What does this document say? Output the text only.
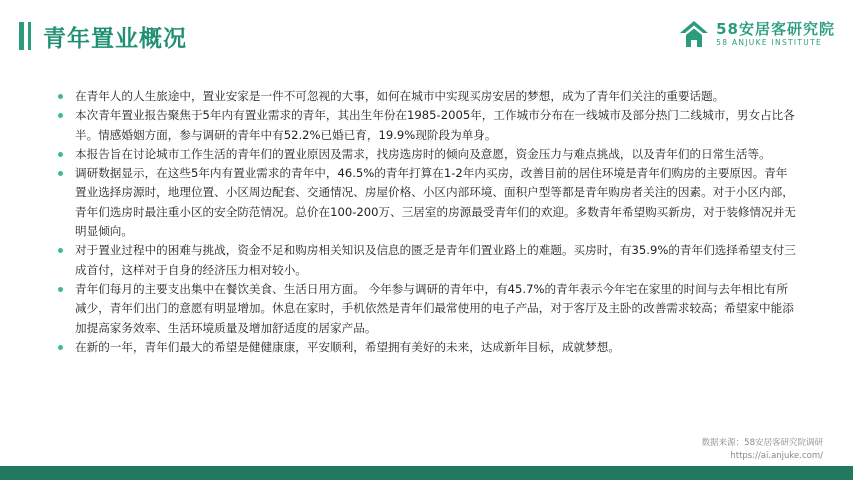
青年置业概况	58安居客研究院
58 ANJUKE INSTITUTE
在青年人的人生旅途中，置业安家是一件不可忽视的大事，如何在城市中实现买房安居的梦想，成为了青年们关注的重要话题。
本次青年置业报告聚焦于5年内有置业需求的青年，其出生年份在1985-2005年，工作城市分布在一线城市及部分热门二线城市，男女占比各半。情感婚姻方面，参与调研的青年中有52.2%已婚已育，19.9%现阶段为单身。
本报告旨在讨论城市工作生活的青年们的置业原因及需求，找房选房时的倾向及意愿，资金压力与难点挑战，以及青年们的日常生活等。
调研数据显示，在这些5年内有置业需求的青年中，46.5%的青年打算在1-2年内买房，改善目前的居住环境是青年们购房的主要原因。青年置业选择房源时，地理位置、小区周边配套、交通情况、房屋价格、小区内部环境、面积户型等都是青年购房者关注的因素。对于小区内部，青年们选房时最注重小区的安全防范情况。总价在100-200万、三居室的房源最受青年们的欢迎。多数青年希望购买新房，对于装修情况并无明显倾向。
对于置业过程中的困难与挑战，资金不足和购房相关知识及信息的匮乏是青年们置业路上的难题。买房时，有35.9%的青年们选择希望支付三成首付，这样对于自身的经济压力相对较小。
青年们每月的主要支出集中在餐饮美食、生活日用方面。 今年参与调研的青年中，有45.7%的青年表示今年宅在家里的时间与去年相比有所减少，青年们出门的意愿有明显增加。休息在家时，手机依然是青年们最常使用的电子产品，对于客厅及主卧的改善需求较高；希望家中能添加提高家务效率、生活环境质量及增加舒适度的居家产品。
在新的一年，青年们最大的希望是健健康康，平安顺利，希望拥有美好的未来，达成新年目标，成就梦想。
数据来源：58安居客研究院调研
https://ai.anjuke.com/
